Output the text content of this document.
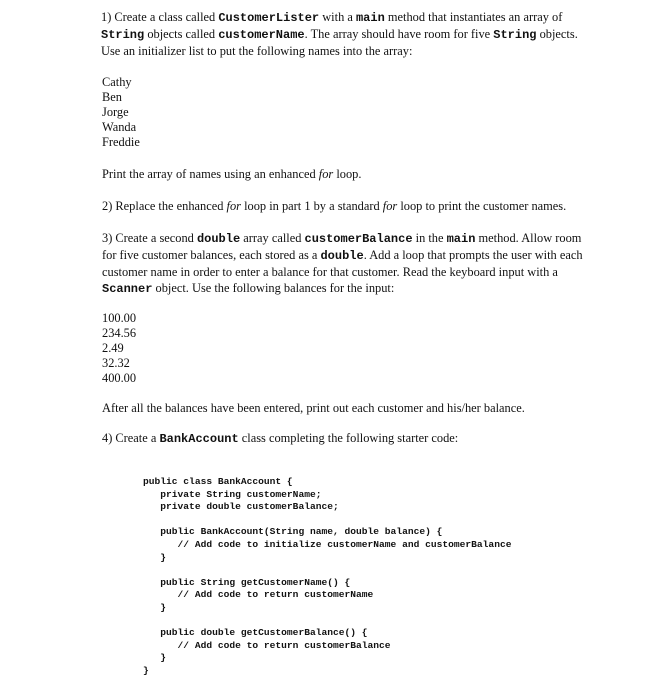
1) Create a class called CustomerLister with a main method that instantiates an array of String objects called customerName. The array should have room for five String objects. Use an initializer list to put the following names into the array:

Cathy
Ben
Jorge
Wanda
Freddie

Print the array of names using an enhanced for loop.

2) Replace the enhanced for loop in part 1 by a standard for loop to print the customer names.

3) Create a second double array called customerBalance in the main method. Allow room for five customer balances, each stored as a double. Add a loop that prompts the user with each customer name in order to enter a balance for that customer. Read the keyboard input with a Scanner object. Use the following balances for the input:

100.00
234.56
2.49
32.32
400.00

After all the balances have been entered, print out each customer and his/her balance.

4) Create a BankAccount class completing the following starter code:

public class BankAccount {
private String customerName;
private double customerBalance;
public BankAccount(String name, double balance) {
// Add code to initialize customerName and customerBalance
}
public String getCustomerName() {
// Add code to return customerName
}
public double getCustomerBalance() {
// Add code to return customerBalance
}
}
